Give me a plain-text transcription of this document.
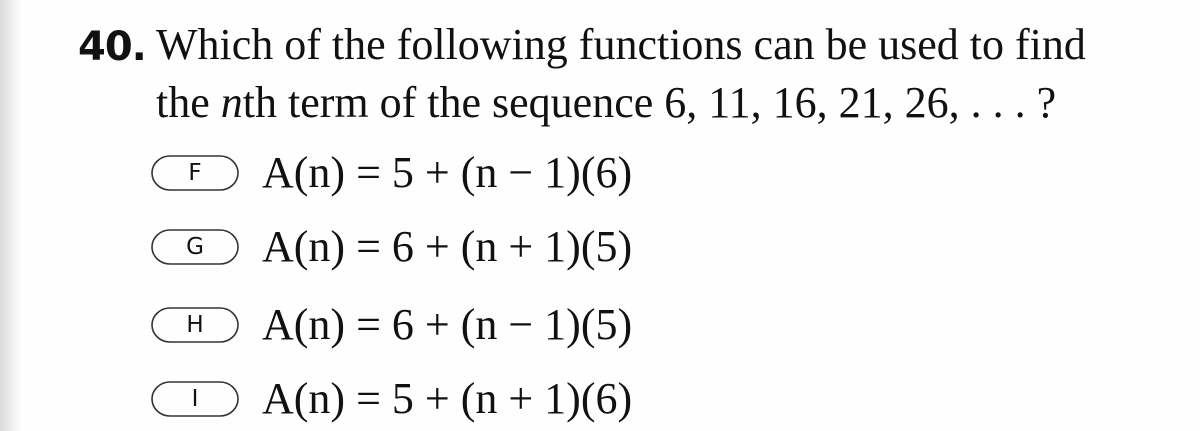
40. Which of the following functions can be used to find
the nth term of the sequence 6, 11, 16, 21, 26, . . . ?
F	A(n) = 5 + (n − 1)(6)
G	A(n) = 6 + (n + 1)(5)
H	A(n) = 6 + (n − 1)(5)
I	A(n) = 5 + (n + 1)(6)
